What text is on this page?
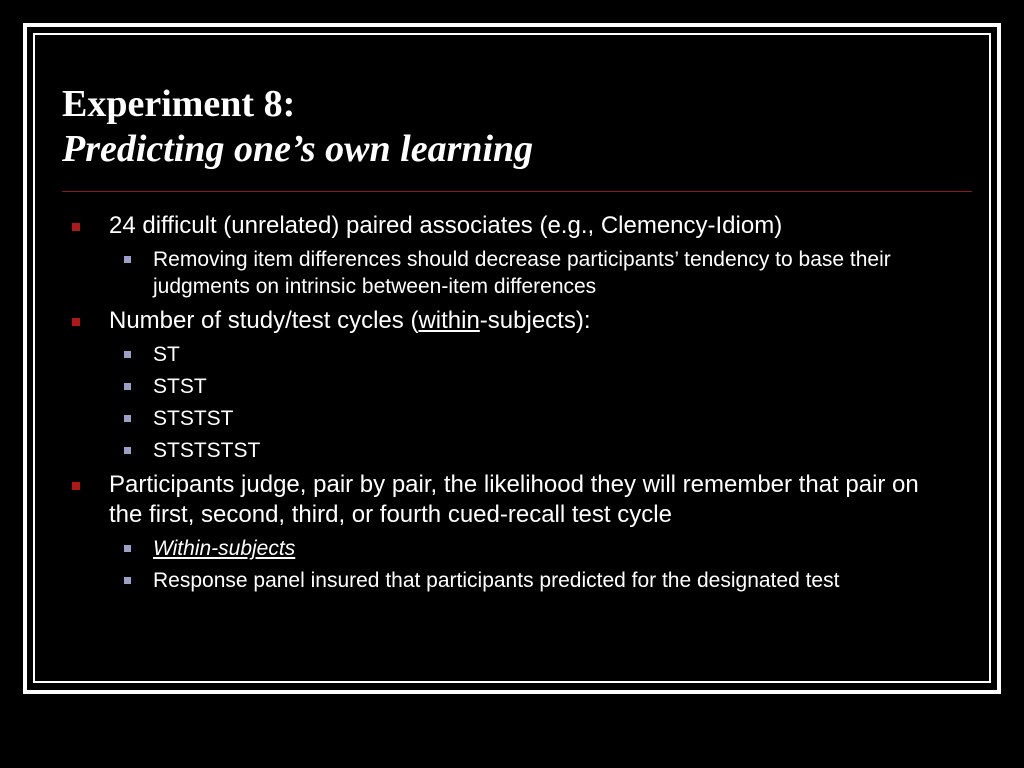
Experiment 8:
Predicting one’s own learning
24 difficult (unrelated) paired associates (e.g., Clemency-Idiom)
Removing item differences should decrease participants’ tendency to base their judgments on intrinsic between-item differences
Number of study/test cycles (within-subjects):
ST
STST
STSTST
STSTSTST
Participants judge, pair by pair, the likelihood they will remember that pair on the first, second, third, or fourth cued-recall test cycle
Within-subjects
Response panel insured that participants predicted for the designated test
